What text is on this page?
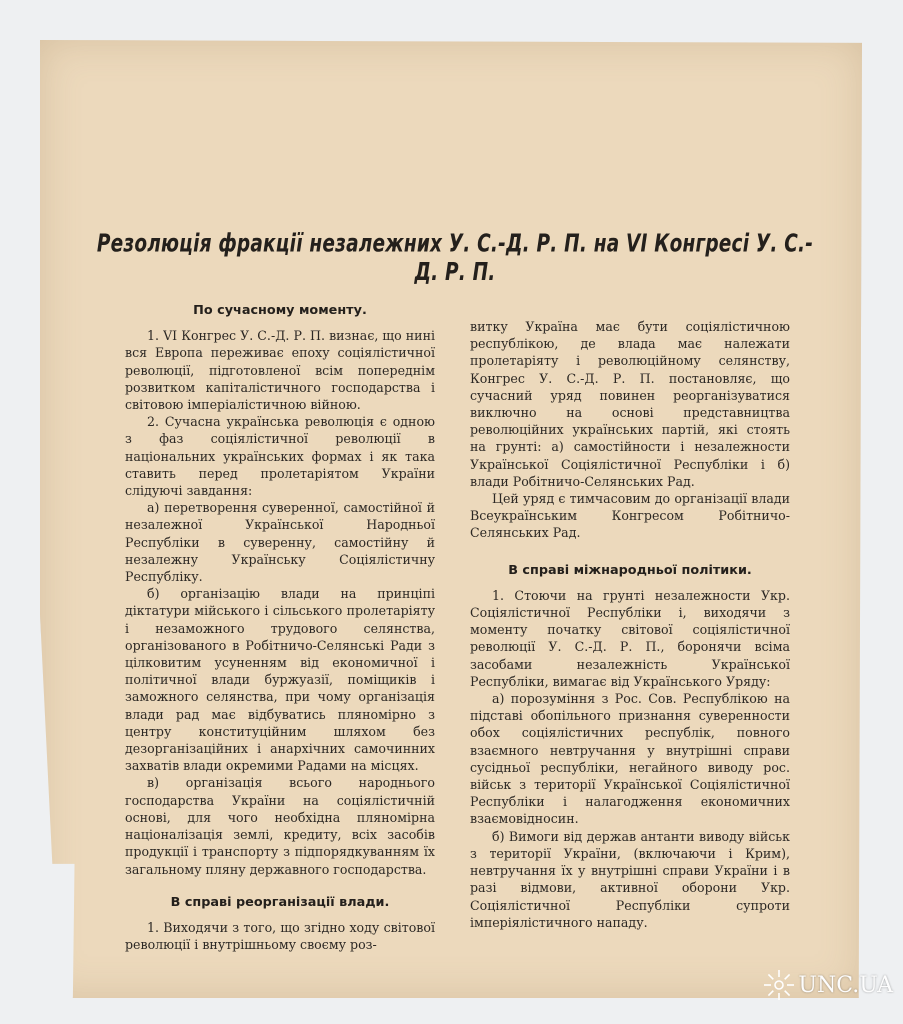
Резолюція фракції незалежних У. С.-Д. Р. П. на VI Конгресі У. С.-Д. Р. П.
По сучасному моменту.

1. VI Конгрес У. С.-Д. Р. П. визнає, що нині вся Европа переживає епоху соціялістичної революції, підготовленої всім попереднім розвитком капіталістичного господарства і світовою імперіалістичною війною.

2. Сучасна українська революція є одною з фаз соціялістичної революції в національних українських формах і як така ставить перед пролетаріятом України слідуючі завдання:

а) перетворення суверенної, самостійної й незалежної Української Народньої Республіки в суверенну, самостійну й незалежну Українську Соціялістичну Республіку.

б) організацію влади на принціпі діктатури мійського і сільського пролетаріяту і незаможного трудового селянства, організованого в Робітничо-Селянські Ради з цілковитим усуненням від економичної і політичної влади буржуазії, поміщиків і заможного селянства, при чому організація влади рад має відбуватись пляномірно з центру конституційним шляхом без дезорганізаційних і анархічних самочинних захватів влади окремими Радами на місцях.

в) організація всього народнього господарства України на соціялістичній основі, для чого необхідна пляномірна націоналізація землі, кредиту, всіх засобів продукції і транспорту з підпорядкуванням їх загальному пляну державного господарства.

В справі реорганізації влади.

1. Виходячи з того, що згідно ходу світової революції і внутрішньому своєму роз-

витку Україна має бути соціялістичною республікою, де влада має належати пролетаріяту і революційному селянству, Конгрес У. С.-Д. Р. П. постановляє, що сучасний уряд повинен реорганізуватися виключно на основі представництва революційних українських партій, які стоять на грунті: а) самостійности і незалежности Української Соціялістичної Республіки і б) влади Робітничо-Селянських Рад.

Цей уряд є тимчасовим до організації влади Всеукраїнським Конгресом Робітничо-Селянських Рад.

В справі міжнародньої політики.

1. Стоючи на грунті незалежности Укр. Соціялістичної Республіки і, виходячи з моменту початку світової соціялістичної революції У. С.-Д. Р. П., боронячи всіма засобами незалежність Української Республіки, вимагає від Українського Уряду:

а) порозуміння з Рос. Сов. Республікою на підставі обопільного признання суверенности обох соціялістичних республік, повного взаємного невтручання у внутрішні справи сусідньої республіки, негайного виводу рос. військ з території Української Соціялістичної Республіки і налагодження економичних взаємовідносин.

б) Вимоги від держав антанти виводу військ з території України, (включаючи і Крим), невтручання їх у внутрішні справи України і в разі відмови, активної оборони Укр. Соціялістичної Республіки супроти імперіялістичного нападу.

UNC.UA
